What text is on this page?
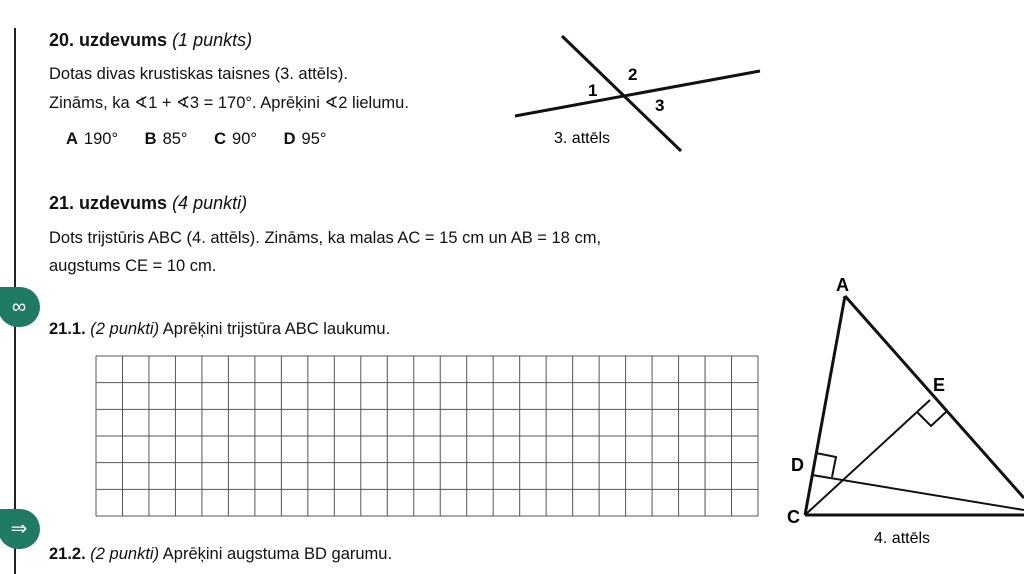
20. uzdevums (1 punkts)
Dotas divas krustiskas taisnes (3. attēls).
Zināms, ka ∢1 + ∢3 = 170°. Aprēķini ∢2 lielumu.
A 190° B 85° C 90° D 95°
21. uzdevums (4 punkti)
Dots trijstūris ABC (4. attēls). Zināms, ka malas AC = 15 cm un AB = 18 cm,
augstums CE = 10 cm.
21.1. (2 punkti) Aprēķini trijstūra ABC laukumu.
21.2. (2 punkti) Aprēķini augstuma BD garumu.
∞
⇒
1
2
3
3. attēls
A
E
D
C
4. attēls
